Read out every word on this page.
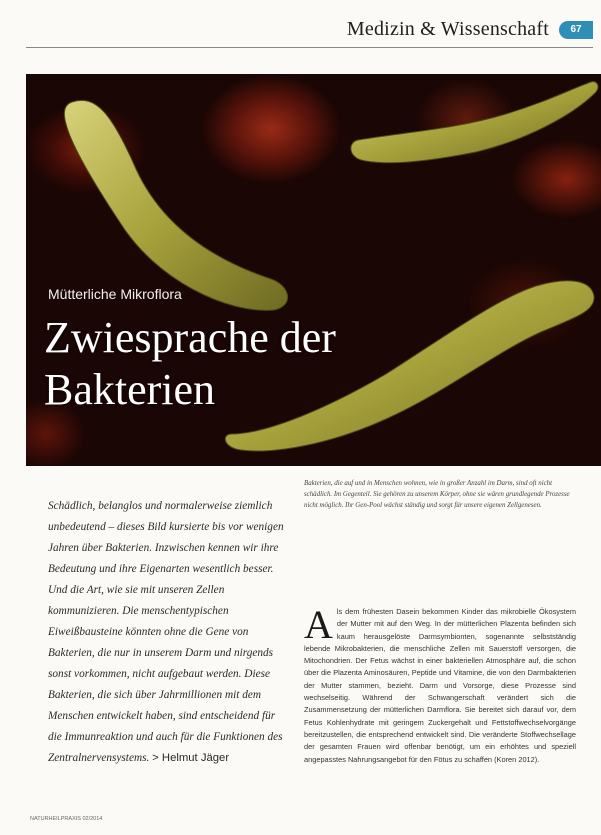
Medizin & Wissenschaft	67
Mütterliche Mikroflora
Zwiesprache der
Bakterien

Schädlich, belanglos und normalerweise ziemlich unbedeutend – dieses Bild kursierte bis vor wenigen Jahren über Bakterien. Inzwischen kennen wir ihre Bedeutung und ihre Eigenarten wesentlich besser. Und die Art, wie sie mit unseren Zellen kommunizieren. Die menschentypischen Eiweißbausteine könnten ohne die Gene von Bakterien, die nur in unserem Darm und nirgends sonst vorkommen, nicht aufgebaut werden. Diese Bakterien, die sich über Jahrmillionen mit dem Menschen entwickelt haben, sind entscheidend für die Immunreaktion und auch für die Funktionen des Zentralnervensystems. > Helmut Jäger

Bakterien, die auf und in Menschen wohnen, wie in großer Anzahl im Darm, sind oft nicht schädlich. Im Gegenteil. Sie gehören zu unserem Körper, ohne sie wären grundlegende Prozesse nicht möglich. Ihr Gen-Pool wächst ständig und sorgt für unsere eigenen Zellgenesen.

A ls dem frühesten Dasein bekommen Kinder das mikrobielle Ökosystem der Mutter mit auf den Weg. In der mütterlichen Plazenta befinden sich kaum herausgelöste Darmsymbionten, sogenannte selbstständig lebende Mikrobakterien, die menschliche Zellen mit Sauerstoff versorgen, die Mitochondrien. Der Fetus wächst in einer bakteriellen Atmosphäre auf, die schon über die Plazenta Aminosäuren, Peptide und Vitamine, die von den Darmbakterien der Mutter stammen, bezieht. Darm und Vorsorge, diese Prozesse sind wechselseitig. Während der Schwangerschaft verändert sich die Zusammensetzung der mütterlichen Darmflora. Sie bereitet sich darauf vor, dem Fetus Kohlenhydrate mit geringem Zuckergehalt und Fettstoffwechselvorgänge bereitzustellen, die entsprechend entwickelt sind. Die veränderte Stoffwechsellage der gesamten Frauen wird offenbar benötigt, um ein erhöhtes und speziell angepasstes Nahrungsangebot für den Fötus zu schaffen (Koren 2012).

NATURHEILPRAXIS 02/2014
